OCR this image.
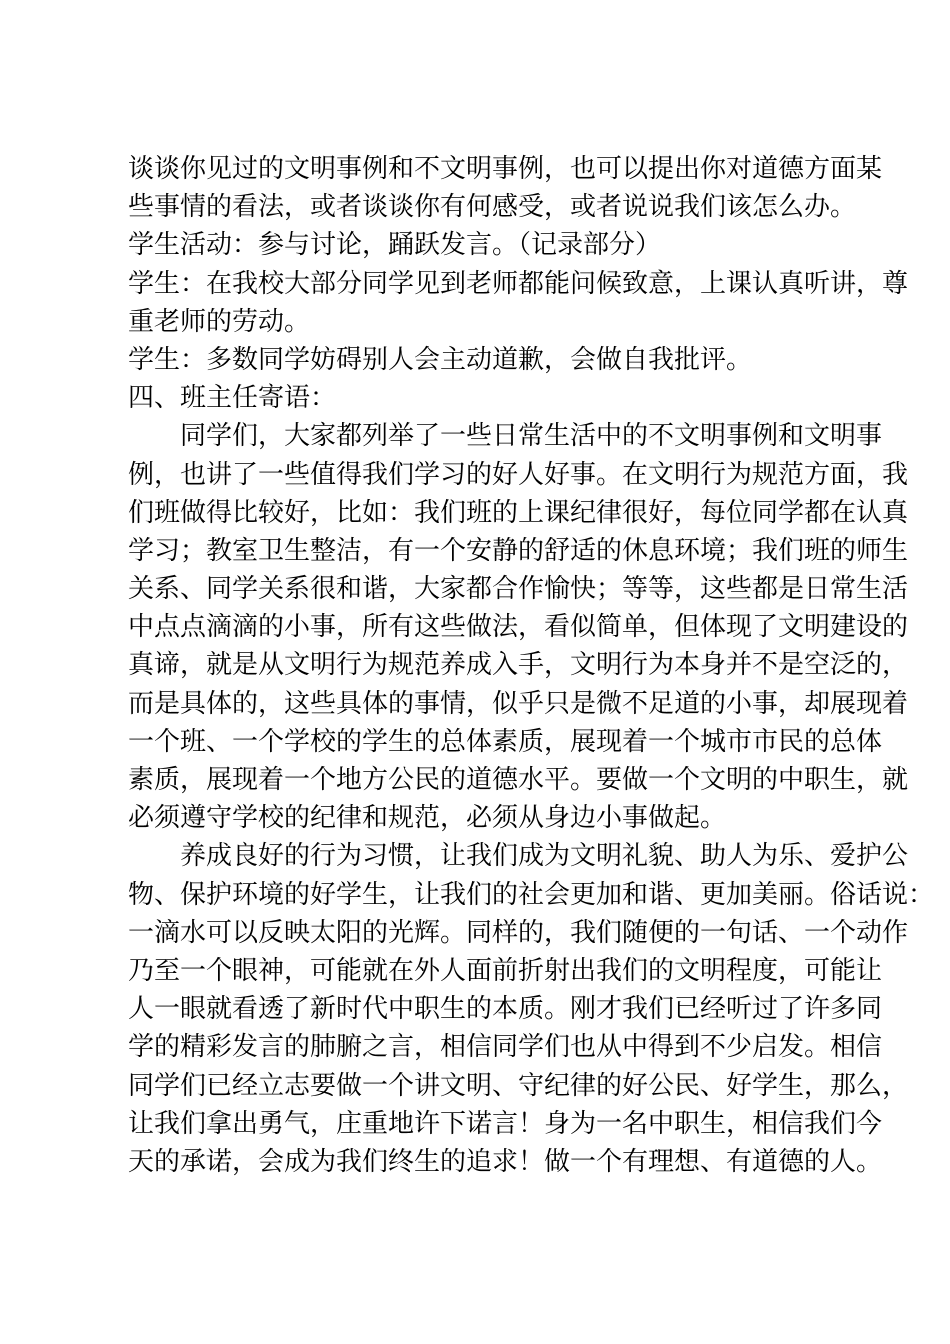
谈谈你见过的文明事例和不文明事例，也可以提出你对道德方面某
些事情的看法，或者谈谈你有何感受，或者说说我们该怎么办。
学生活动：参与讨论，踊跃发言。（记录部分）
学生：在我校大部分同学见到老师都能问候致意，上课认真听讲，尊
重老师的劳动。
学生：多数同学妨碍别人会主动道歉，会做自我批评。
四、班主任寄语：
同学们，大家都列举了一些日常生活中的不文明事例和文明事
例，也讲了一些值得我们学习的好人好事。在文明行为规范方面，我
们班做得比较好，比如：我们班的上课纪律很好，每位同学都在认真
学习；教室卫生整洁，有一个安静的舒适的休息环境；我们班的师生
关系、同学关系很和谐，大家都合作愉快；等等，这些都是日常生活
中点点滴滴的小事，所有这些做法，看似简单，但体现了文明建设的
真谛，就是从文明行为规范养成入手，文明行为本身并不是空泛的，
而是具体的，这些具体的事情，似乎只是微不足道的小事，却展现着
一个班、一个学校的学生的总体素质，展现着一个城市市民的总体
素质，展现着一个地方公民的道德水平。要做一个文明的中职生，就
必须遵守学校的纪律和规范，必须从身边小事做起。
养成良好的行为习惯，让我们成为文明礼貌、助人为乐、爱护公
物、保护环境的好学生，让我们的社会更加和谐、更加美丽。俗话说：
一滴水可以反映太阳的光辉。同样的，我们随便的一句话、一个动作
乃至一个眼神，可能就在外人面前折射出我们的文明程度，可能让
人一眼就看透了新时代中职生的本质。刚才我们已经听过了许多同
学的精彩发言的肺腑之言，相信同学们也从中得到不少启发。相信
同学们已经立志要做一个讲文明、守纪律的好公民、好学生，那么，
让我们拿出勇气，庄重地许下诺言！身为一名中职生，相信我们今
天的承诺，会成为我们终生的追求！做一个有理想、有道德的人。
